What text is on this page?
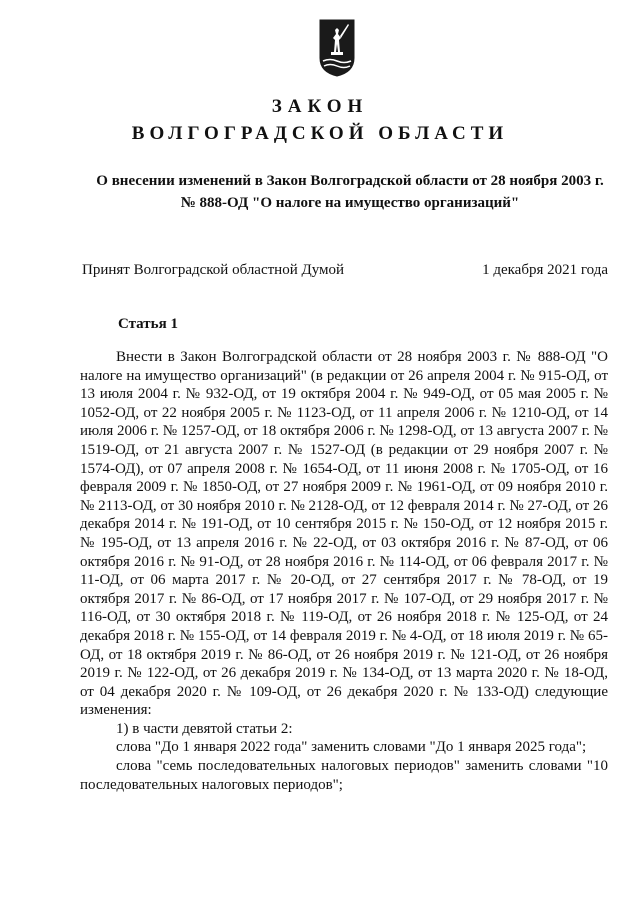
ЗАКОН
ВОЛГОГРАДСКОЙ ОБЛАСТИ
О внесении изменений в Закон Волгоградской области от 28 ноября 2003 г.
№ 888-ОД "О налоге на имущество организаций"
Принят Волгоградской областной Думой	1 декабря 2021 года
Статья 1

Внести в Закон Волгоградской области от 28 ноября 2003 г. № 888-ОД "О налоге на имущество организаций" (в редакции от 26 апреля 2004 г. № 915-ОД, от 13 июля 2004 г. № 932-ОД, от 19 октября 2004 г. № 949-ОД, от 05 мая 2005 г. № 1052-ОД, от 22 ноября 2005 г. № 1123-ОД, от 11 апреля 2006 г. № 1210-ОД, от 14 июля 2006 г. № 1257-ОД, от 18 октября 2006 г. № 1298-ОД, от 13 августа 2007 г. № 1519-ОД, от 21 августа 2007 г. № 1527-ОД (в редакции от 29 ноября 2007 г. № 1574-ОД), от 07 апреля 2008 г. № 1654-ОД, от 11 июня 2008 г. № 1705-ОД, от 16 февраля 2009 г. № 1850-ОД, от 27 ноября 2009 г. № 1961-ОД, от 09 ноября 2010 г. № 2113-ОД, от 30 ноября 2010 г. № 2128-ОД, от 12 февраля 2014 г. № 27-ОД, от 26 декабря 2014 г. № 191-ОД, от 10 сентября 2015 г. № 150-ОД, от 12 ноября 2015 г. № 195-ОД, от 13 апреля 2016 г. № 22-ОД, от 03 октября 2016 г. № 87-ОД, от 06 октября 2016 г. № 91-ОД, от 28 ноября 2016 г. № 114-ОД, от 06 февраля 2017 г. № 11-ОД, от 06 марта 2017 г. № 20-ОД, от 27 сентября 2017 г. № 78-ОД, от 19 октября 2017 г. № 86-ОД, от 17 ноября 2017 г. № 107-ОД, от 29 ноября 2017 г. № 116-ОД, от 30 октября 2018 г. № 119-ОД, от 26 ноября 2018 г. № 125-ОД, от 24 декабря 2018 г. № 155-ОД, от 14 февраля 2019 г. № 4-ОД, от 18 июля 2019 г. № 65-ОД, от 18 октября 2019 г. № 86-ОД, от 26 ноября 2019 г. № 121-ОД, от 26 ноября 2019 г. № 122-ОД, от 26 декабря 2019 г. № 134-ОД, от 13 марта 2020 г. № 18-ОД, от 04 декабря 2020 г. № 109-ОД, от 26 декабря 2020 г. № 133-ОД) следующие изменения:

1) в части девятой статьи 2:

слова "До 1 января 2022 года" заменить словами "До 1 января 2025 года";

слова "семь последовательных налоговых периодов" заменить словами "10 последовательных налоговых периодов";
